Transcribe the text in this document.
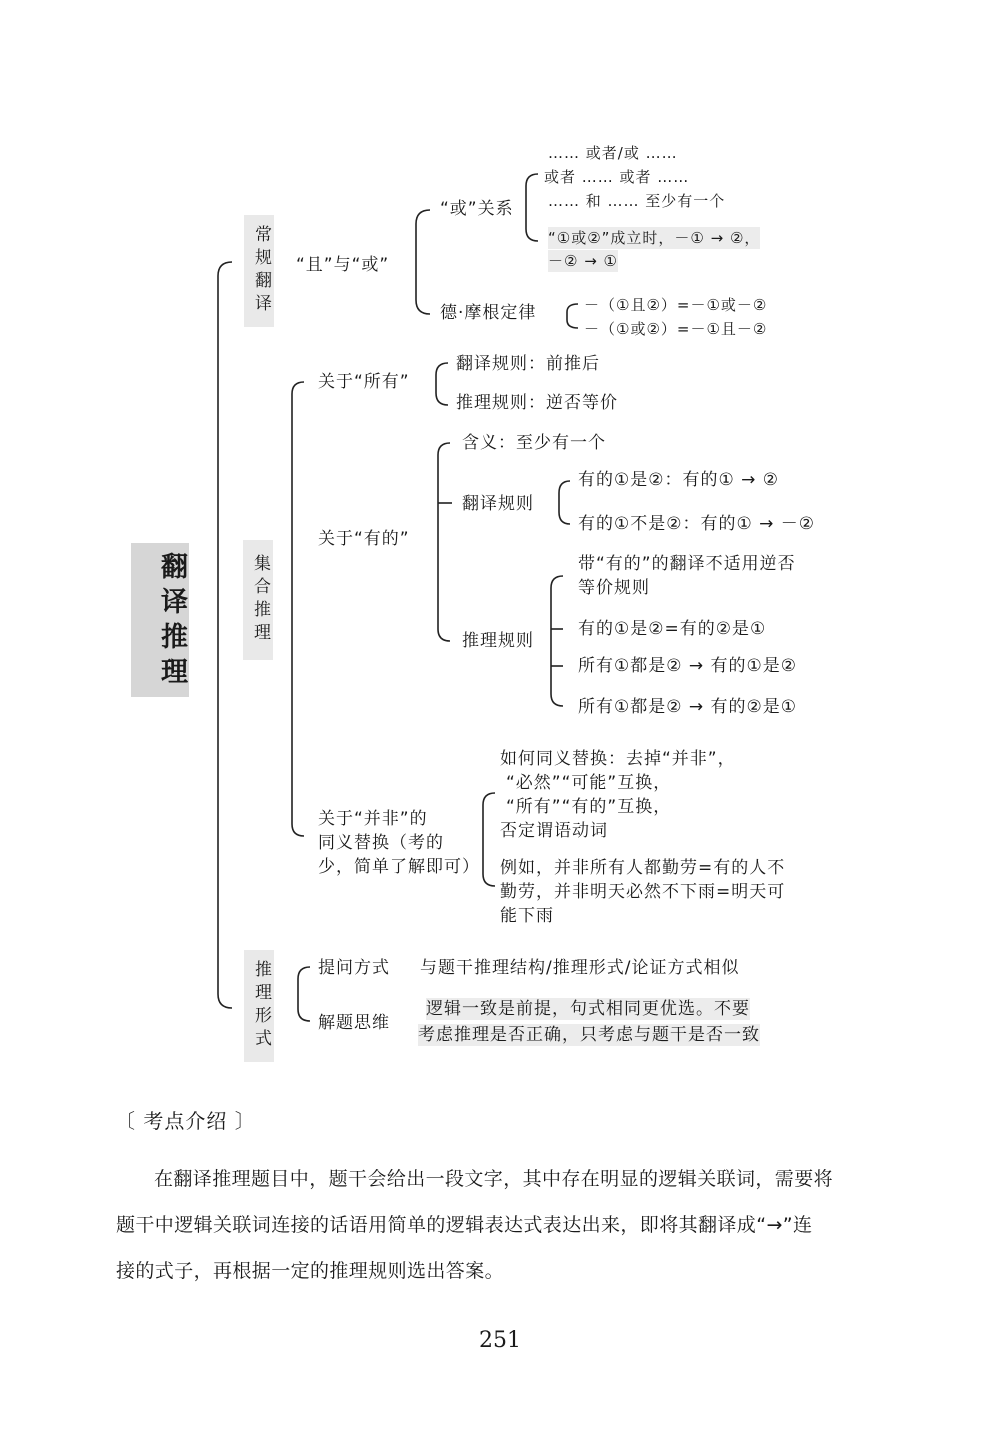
翻译推理
常规翻译 “且”与“或”
“或”关系
…… 或者/或 ……
或者 …… 或者 ……
…… 和 …… 至少有一个
“①或②”成立时，－① → ②，
－② → ①
德·摩根定律	－（①且②）=－①或－②
－（①或②）=－①且－②
集合推理
关于“所有”
翻译规则：前推后
推理规则：逆否等价
关于“有的”
含义：至少有一个
翻译规则
有的①是②：有的① → ②
有的①不是②：有的① → －②
推理规则
带“有的”的翻译不适用逆否
等价规则
有的①是②=有的②是①
所有①都是② → 有的①是②
所有①都是② → 有的②是①
关于“并非”的
同义替换（考的
少，简单了解即可）
如何同义替换：去掉“并非”，
“必然”“可能”互换，
“所有”“有的”互换，
否定谓语动词
例如，并非所有人都勤劳=有的人不
勤劳，并非明天必然不下雨=明天可
能下雨
推理形式	提问方式 与题干推理结构/推理形式/论证方式相似
解题思维
逻辑一致是前提，句式相同更优选。不要
考虑推理是否正确，只考虑与题干是否一致
〔 考点介绍 〕
在翻译推理题目中，题干会给出一段文字，其中存在明显的逻辑关联词，需要将
题干中逻辑关联词连接的话语用简单的逻辑表达式表达出来，即将其翻译成“→”连
接的式子，再根据一定的推理规则选出答案。
251
